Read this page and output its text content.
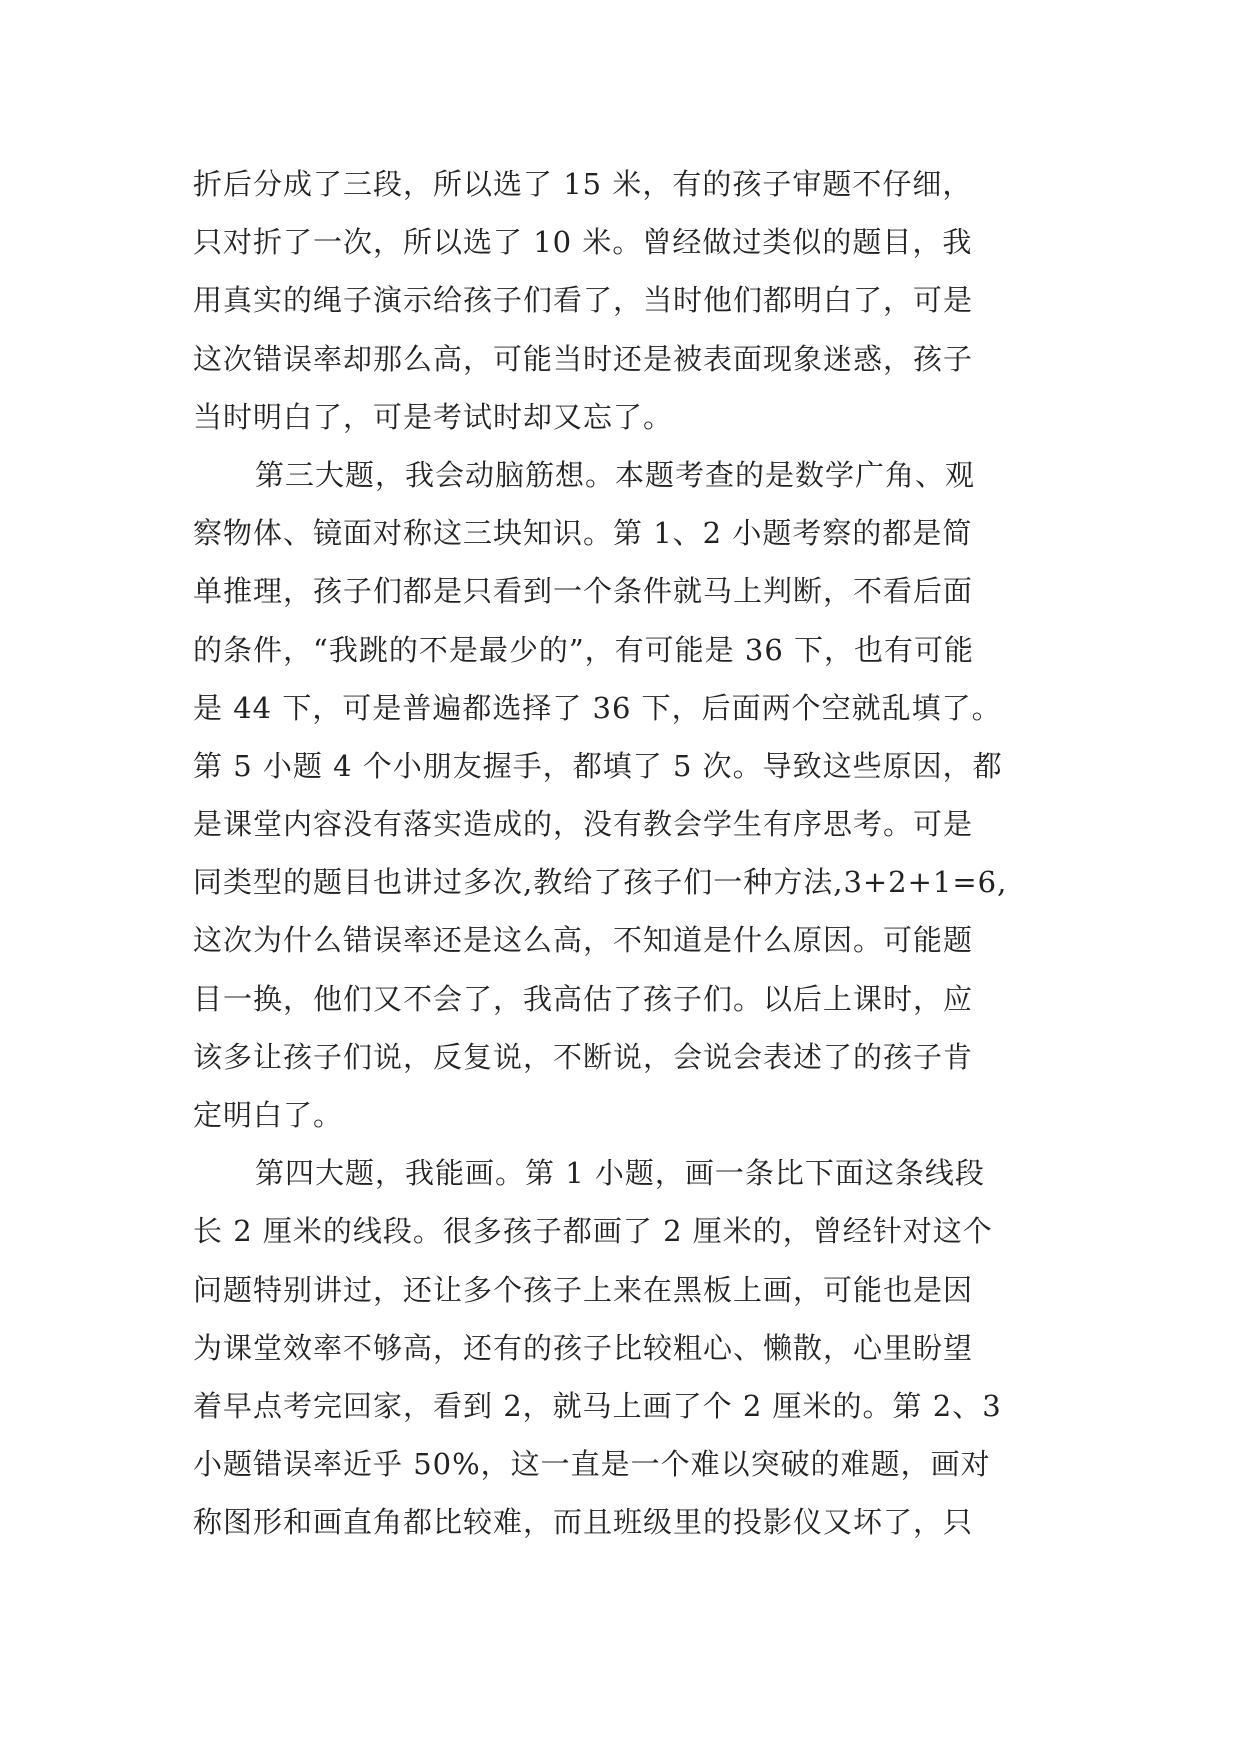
折后分成了三段，所以选了 15 米，有的孩子审题不仔细，
只对折了一次，所以选了 10 米。曾经做过类似的题目，我
用真实的绳子演示给孩子们看了，当时他们都明白了，可是
这次错误率却那么高，可能当时还是被表面现象迷惑，孩子
当时明白了，可是考试时却又忘了。
第三大题，我会动脑筋想。本题考查的是数学广角、观
察物体、镜面对称这三块知识。第 1、2 小题考察的都是简
单推理，孩子们都是只看到一个条件就马上判断，不看后面
的条件，“我跳的不是最少的”，有可能是 36 下，也有可能
是 44 下，可是普遍都选择了 36 下，后面两个空就乱填了。
第 5 小题 4 个小朋友握手，都填了 5 次。导致这些原因，都
是课堂内容没有落实造成的，没有教会学生有序思考。可是
同类型的题目也讲过多次,教给了孩子们一种方法,3+2+1=6,
这次为什么错误率还是这么高，不知道是什么原因。可能题
目一换，他们又不会了，我高估了孩子们。以后上课时，应
该多让孩子们说，反复说，不断说，会说会表述了的孩子肯
定明白了。
第四大题，我能画。第 1 小题，画一条比下面这条线段
长 2 厘米的线段。很多孩子都画了 2 厘米的，曾经针对这个
问题特别讲过，还让多个孩子上来在黑板上画，可能也是因
为课堂效率不够高，还有的孩子比较粗心、懒散，心里盼望
着早点考完回家，看到 2，就马上画了个 2 厘米的。第 2、3
小题错误率近乎 50%，这一直是一个难以突破的难题，画对
称图形和画直角都比较难，而且班级里的投影仪又坏了，只
